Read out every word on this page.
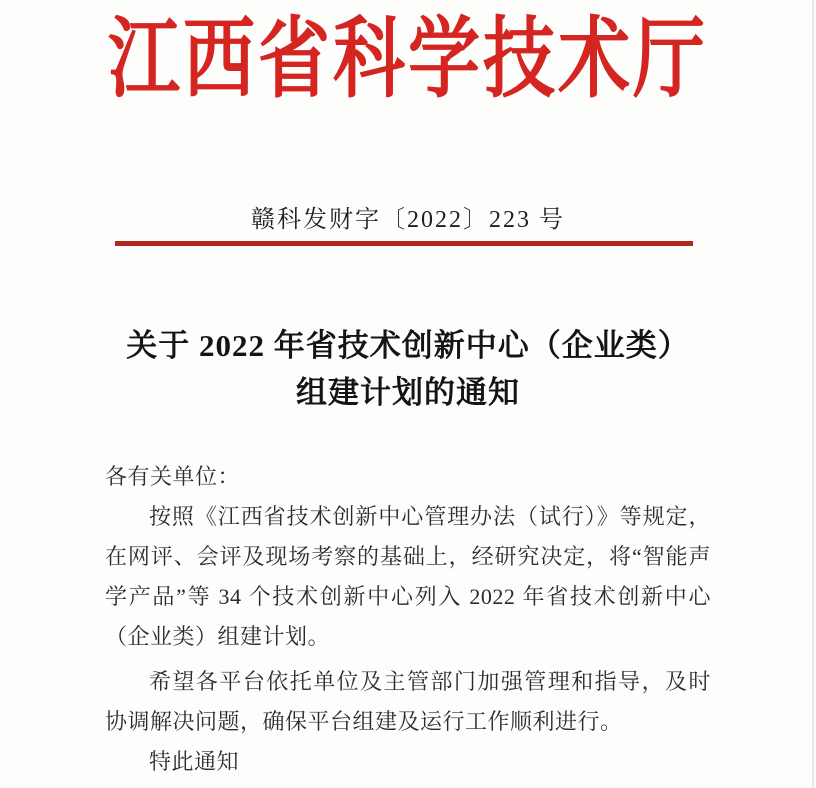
江西省科学技术厅
赣科发财字〔2022〕223 号
关于 2022 年省技术创新中心（企业类）
组建计划的通知

各有关单位：

按照《江西省技术创新中心管理办法（试行）》等规定，在网评、会评及现场考察的基础上，经研究决定，将“智能声学产品”等 34 个技术创新中心列入 2022 年省技术创新中心（企业类）组建计划。

希望各平台依托单位及主管部门加强管理和指导，及时协调解决问题，确保平台组建及运行工作顺利进行。

特此通知
